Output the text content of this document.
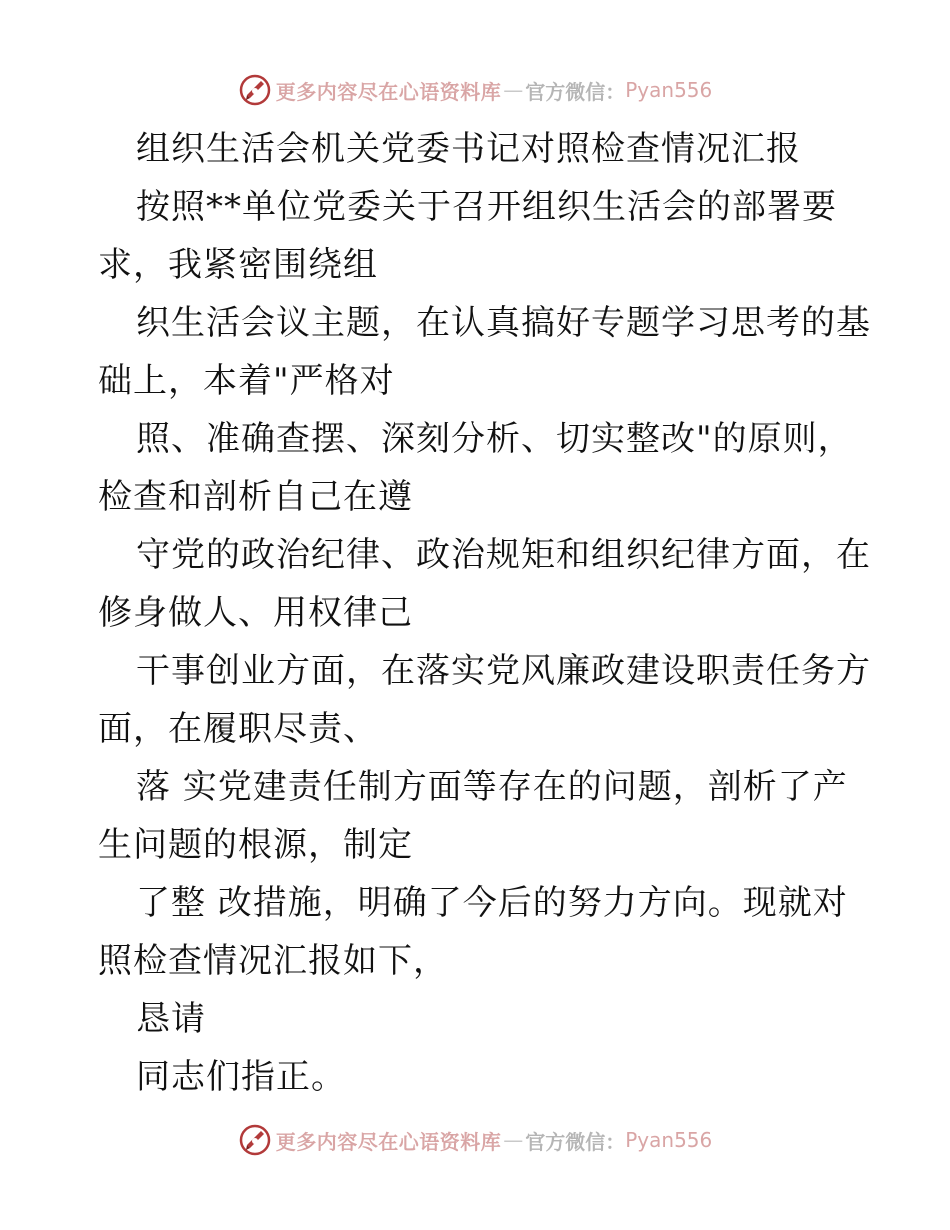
更多内容尽在心语资料库 — 官方微信： Pyan556
组织生活会机关党委书记对照检查情况汇报
按照**单位党委关于召开组织生活会的部署要
求，我紧密围绕组
织生活会议主题，在认真搞好专题学习思考的基
础上，本着"严格对
照、准确查摆、深刻分析、切实整改"的原则，
检查和剖析自己在遵
守党的政治纪律、政治规矩和组织纪律方面，在
修身做人、用权律己
干事创业方面，在落实党风廉政建设职责任务方
面，在履职尽责、
落 实党建责任制方面等存在的问题，剖析了产
生问题的根源，制定
了整 改措施，明确了今后的努力方向。现就对
照检查情况汇报如下，
恳请
同志们指正。
更多内容尽在心语资料库 — 官方微信： Pyan556
